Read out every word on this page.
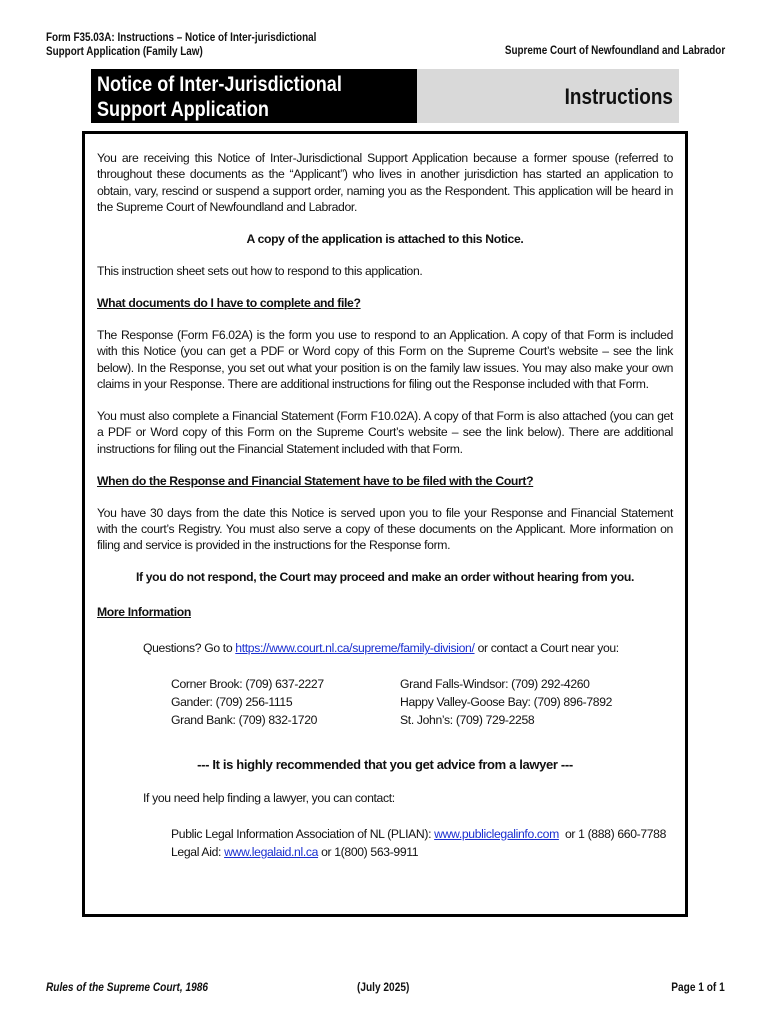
Form F35.03A: Instructions – Notice of Inter-jurisdictional
Support Application (Family Law)	Supreme Court of Newfoundland and Labrador
Notice of Inter-Jurisdictional
Support Application
Instructions

You are receiving this Notice of Inter-Jurisdictional Support Application because a former spouse (referred to throughout these documents as the “Applicant”) who lives in another jurisdiction has started an application to obtain, vary, rescind or suspend a support order, naming you as the Respondent. This application will be heard in the Supreme Court of Newfoundland and Labrador.

A copy of the application is attached to this Notice.

This instruction sheet sets out how to respond to this application.

What documents do I have to complete and file?

The Response (Form F6.02A) is the form you use to respond to an Application. A copy of that Form is included with this Notice (you can get a PDF or Word copy of this Form on the Supreme Court’s website – see the link below). In the Response, you set out what your position is on the family law issues. You may also make your own claims in your Response. There are additional instructions for filing out the Response included with that Form.

You must also complete a Financial Statement (Form F10.02A). A copy of that Form is also attached (you can get a PDF or Word copy of this Form on the Supreme Court’s website – see the link below). There are additional instructions for filing out the Financial Statement included with that Form.

When do the Response and Financial Statement have to be filed with the Court?

You have 30 days from the date this Notice is served upon you to file your Response and Financial Statement with the court’s Registry. You must also serve a copy of these documents on the Applicant. More information on filing and service is provided in the instructions for the Response form.

If you do not respond, the Court may proceed and make an order without hearing from you.

More Information

Questions? Go to https://www.court.nl.ca/supreme/family-division/ or contact a Court near you:

Corner Brook: (709) 637-2227	Grand Falls-Windsor: (709) 292-4260
Gander: (709) 256-1115	Happy Valley-Goose Bay: (709) 896-7892
Grand Bank: (709) 832-1720	St. John’s: (709) 729-2258

--- It is highly recommended that you get advice from a lawyer ---

If you need help finding a lawyer, you can contact:

Public Legal Information Association of NL (PLIAN): www.publiclegalinfo.com  or 1 (888) 660-7788

Legal Aid: www.legalaid.nl.ca or 1(800) 563-9911

Rules of the Supreme Court, 1986	(July 2025)	Page 1 of 1
